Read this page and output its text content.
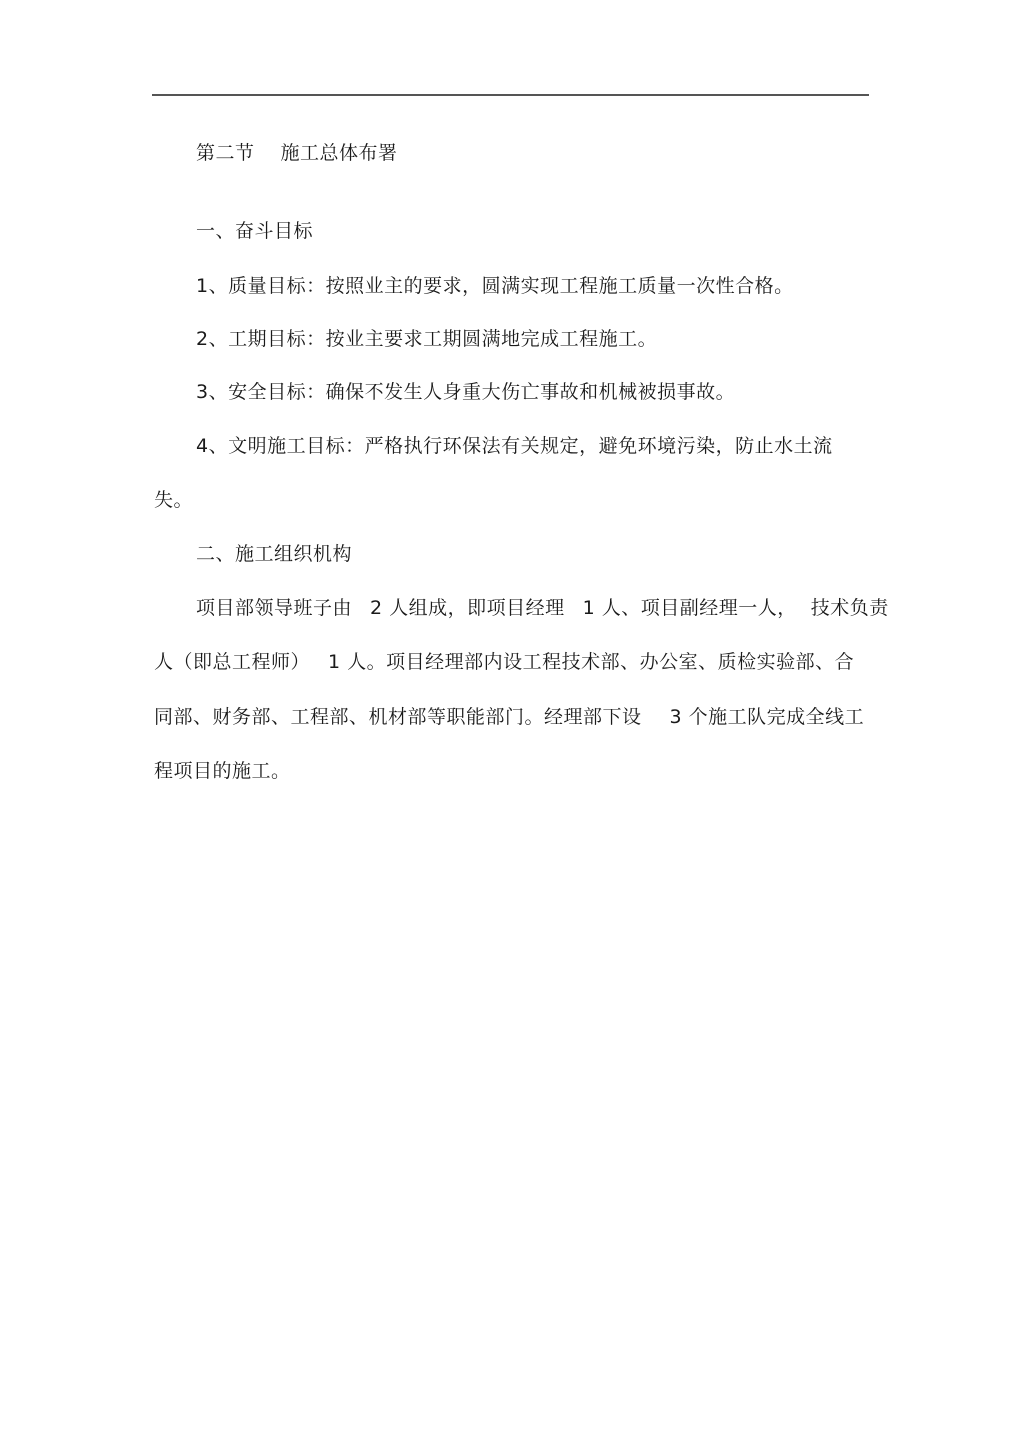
第二节 施工总体布署
一、奋斗目标
1、质量目标：按照业主的要求，圆满实现工程施工质量一次性合格。
2、工期目标：按业主要求工期圆满地完成工程施工。
3、安全目标：确保不发生人身重大伤亡事故和机械被损事故。
4、文明施工目标：严格执行环保法有关规定，避免环境污染，防止水土流
失。
二、施工组织机构
项目部领导班子由 2 人组成，即项目经理 1 人、项目副经理一人， 技术负责
人（即总工程师） 1 人。项目经理部内设工程技术部、办公室、质检实验部、合
同部、财务部、工程部、机材部等职能部门。经理部下设 3 个施工队完成全线工
程项目的施工。
